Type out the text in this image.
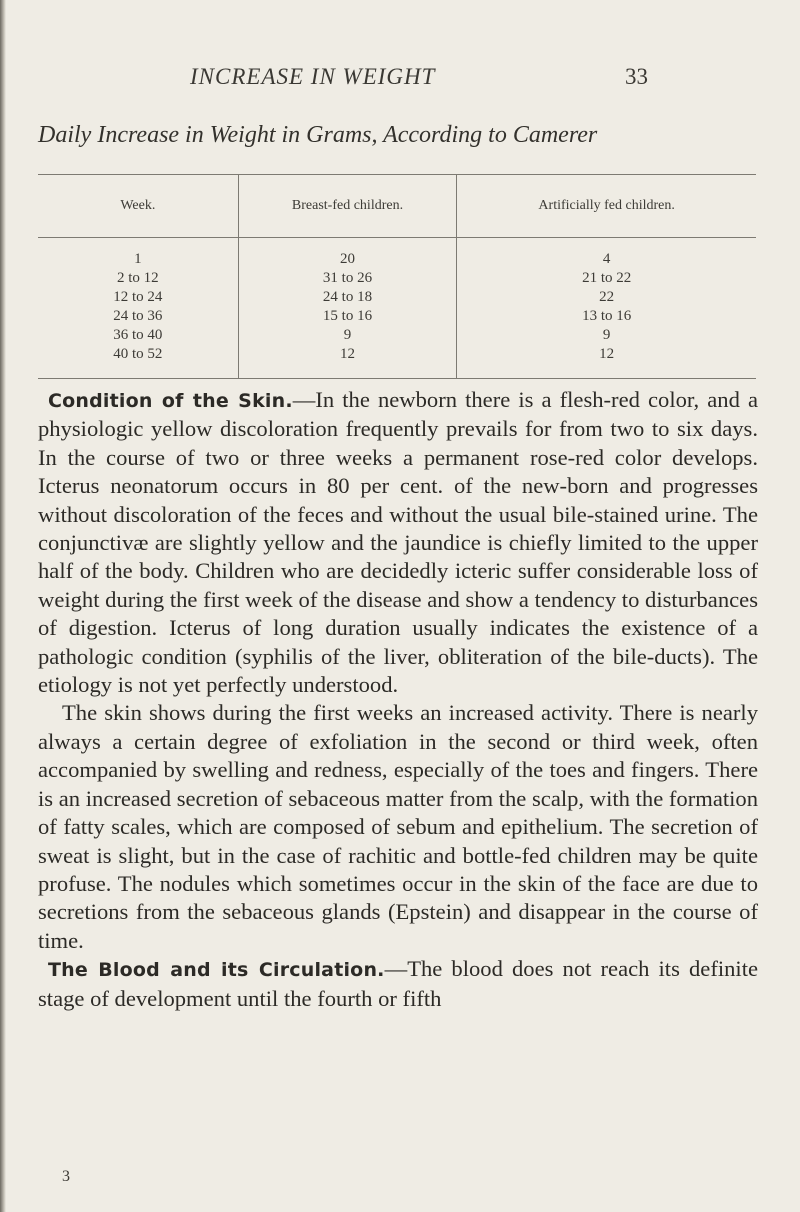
INCREASE IN WEIGHT	33
Daily Increase in Weight in Grams, According to Camerer
Week.	Breast-fed children.	Artificially fed children.
1	20	4
2 to 12	31 to 26	21 to 22
12 to 24	24 to 18	22
24 to 36	15 to 16	13 to 16
36 to 40	9	9
40 to 52	12	12

Condition of the Skin.—In the newborn there is a flesh-red color, and a physiologic yellow discoloration frequently prevails for from two to six days. In the course of two or three weeks a permanent rose-red color develops. Icterus neonatorum occurs in 80 per cent. of the new-born and progresses without discoloration of the feces and without the usual bile-stained urine. The conjunctivæ are slightly yellow and the jaundice is chiefly limited to the upper half of the body. Children who are decidedly icteric suffer considerable loss of weight during the first week of the disease and show a tendency to disturbances of digestion. Icterus of long duration usually indicates the existence of a pathologic condition (syphilis of the liver, obliteration of the bile-ducts). The etiology is not yet perfectly understood.

The skin shows during the first weeks an increased activity. There is nearly always a certain degree of exfoliation in the second or third week, often accompanied by swelling and redness, especially of the toes and fingers. There is an increased secretion of sebaceous matter from the scalp, with the formation of fatty scales, which are composed of sebum and epithelium. The secretion of sweat is slight, but in the case of rachitic and bottle-fed children may be quite profuse. The nodules which sometimes occur in the skin of the face are due to secretions from the sebaceous glands (Epstein) and disappear in the course of time.

The Blood and its Circulation.—The blood does not reach its definite stage of development until the fourth or fifth

3
